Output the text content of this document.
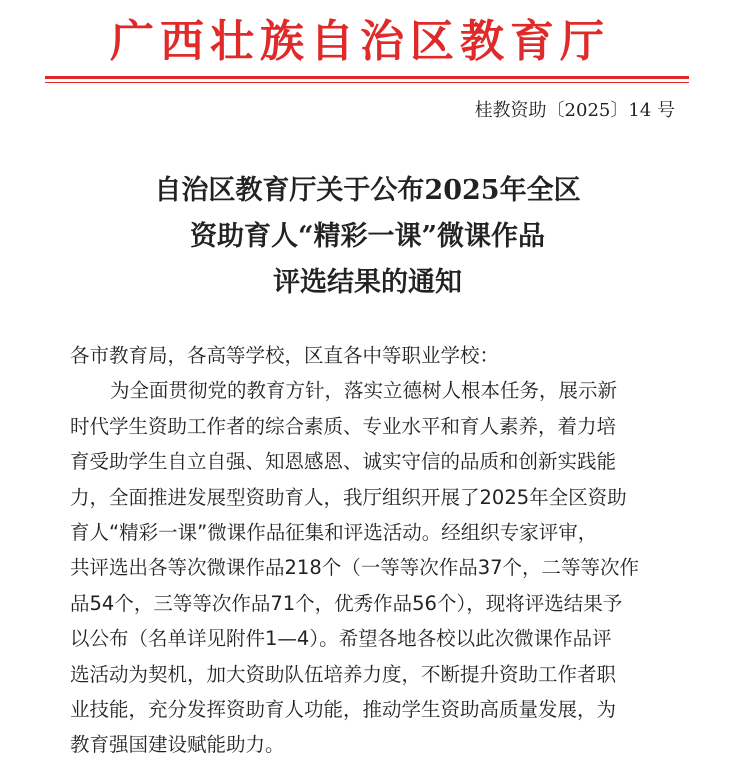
广西壮族自治区教育厅
桂教资助〔2025〕14 号
自治区教育厅关于公布2025年全区
资助育人“精彩一课”微课作品
评选结果的通知
各市教育局，各高等学校，区直各中等职业学校：
为全面贯彻党的教育方针，落实立德树人根本任务，展示新
时代学生资助工作者的综合素质、专业水平和育人素养，着力培
育受助学生自立自强、知恩感恩、诚实守信的品质和创新实践能
力，全面推进发展型资助育人，我厅组织开展了2025年全区资助
育人“精彩一课”微课作品征集和评选活动。经组织专家评审，
共评选出各等次微课作品218个（一等等次作品37个，二等等次作
品54个，三等等次作品71个，优秀作品56个），现将评选结果予
以公布（名单详见附件1—4）。希望各地各校以此次微课作品评
选活动为契机，加大资助队伍培养力度，不断提升资助工作者职
业技能，充分发挥资助育人功能，推动学生资助高质量发展，为
教育强国建设赋能助力。
